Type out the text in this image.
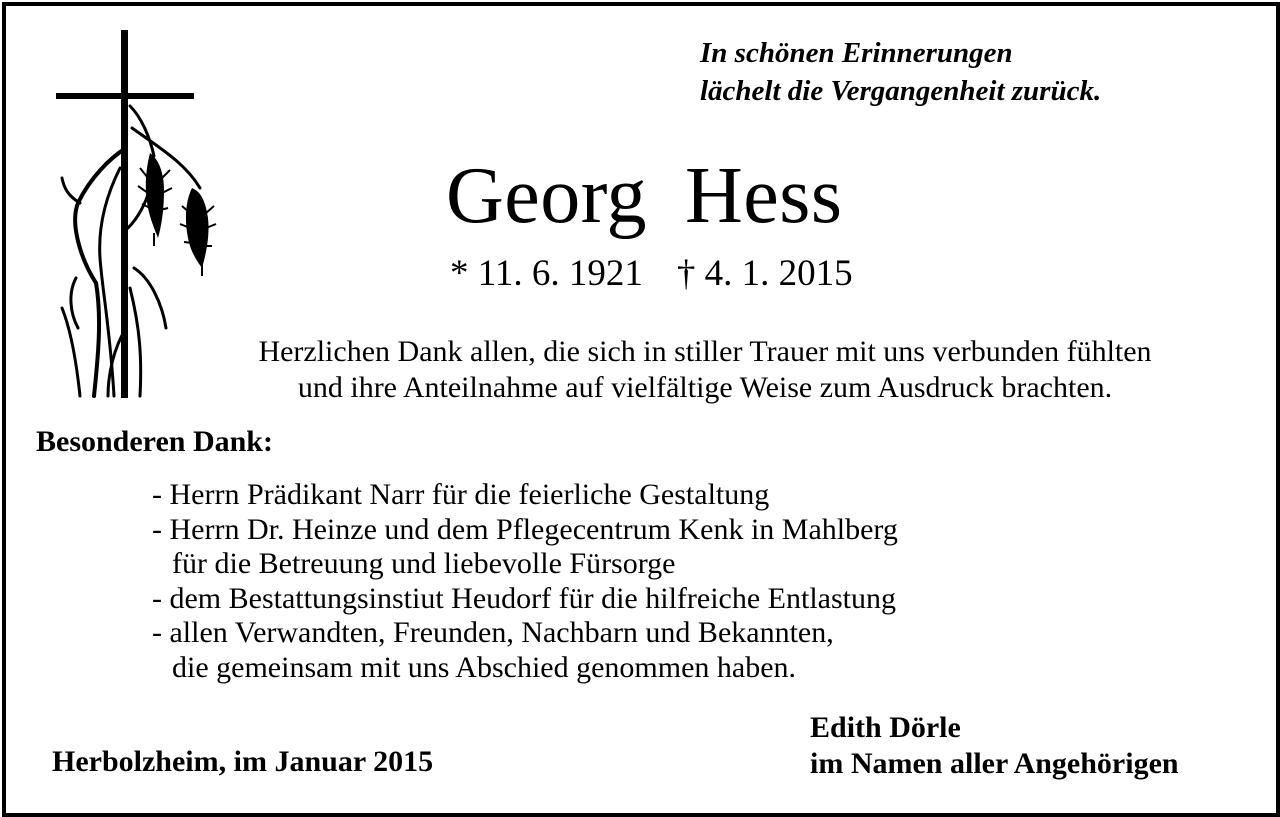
In schönen Erinnerungen
lächelt die Vergangenheit zurück.
Georg Hess
* 11. 6. 1921 † 4. 1. 2015
Herzlichen Dank allen, die sich in stiller Trauer mit uns verbunden fühlten
und ihre Anteilnahme auf vielfältige Weise zum Ausdruck brachten.
Besonderen Dank:
- Herrn Prädikant Narr für die feierliche Gestaltung
- Herrn Dr. Heinze und dem Pflegecentrum Kenk in Mahlberg
für die Betreuung und liebevolle Fürsorge
- dem Bestattungsinstiut Heudorf für die hilfreiche Entlastung
- allen Verwandten, Freunden, Nachbarn und Bekannten,
die gemeinsam mit uns Abschied genommen haben.
Herbolzheim, im Januar 2015
Edith Dörle
im Namen aller Angehörigen
